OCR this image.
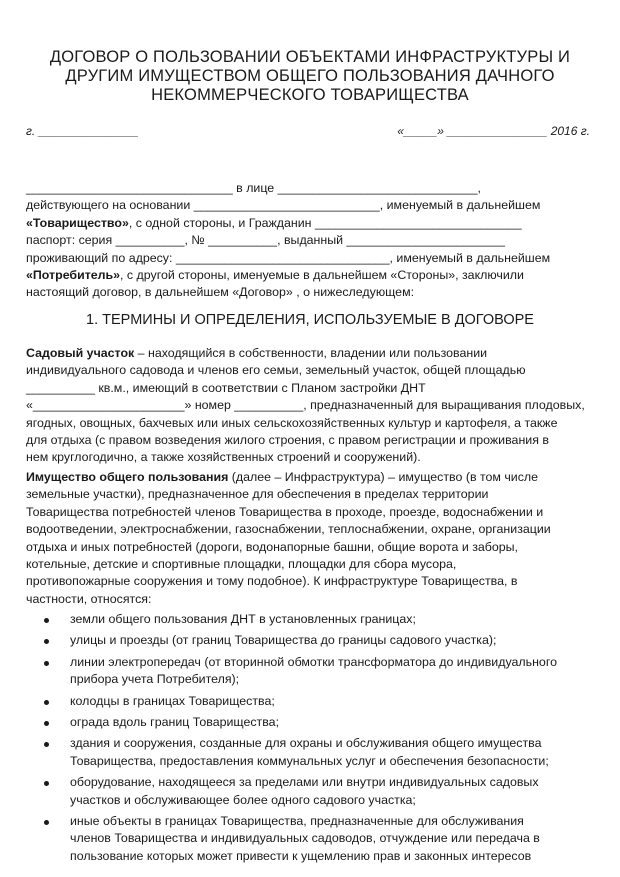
ДОГОВОР О ПОЛЬЗОВАНИИ ОБЪЕКТАМИ ИНФРАСТРУКТУРЫ И
ДРУГИМ ИМУЩЕСТВОМ ОБЩЕГО ПОЛЬЗОВАНИЯ ДАЧНОГО
НЕКОММЕРЧЕСКОГО ТОВАРИЩЕСТВА
г. _______________	«_____» _______________ 2016 г.
______________________________ в лице _____________________________,
действующего на основании ___________________________, именуемый в дальнейшем
«Товарищество», с одной стороны, и Гражданин ______________________________
паспорт: серия __________, № __________, выданный _______________________
проживающий по адресу: _______________________________, именуемый в дальнейшем
«Потребитель», с другой стороны, именуемые в дальнейшем «Стороны», заключили
настоящий договор, в дальнейшем «Договор» , о нижеследующем:
1. ТЕРМИНЫ И ОПРЕДЕЛЕНИЯ, ИСПОЛЬЗУЕМЫЕ В ДОГОВОРЕ
Садовый участок – находящийся в собственности, владении или пользовании
индивидуального садовода и членов его семьи, земельный участок, общей площадью
__________ кв.м., имеющий в соответствии с Планом застройки ДНТ
«______________________» номер __________, предназначенный для выращивания плодовых,
ягодных, овощных, бахчевых или иных сельскохозяйственных культур и картофеля, а также
для отдыха (с правом возведения жилого строения, с правом регистрации и проживания в
нем круглогодично, а также хозяйственных строений и сооружений).
Имущество общего пользования (далее – Инфраструктура) – имущество (в том числе
земельные участки), предназначенное для обеспечения в пределах территории
Товарищества потребностей членов Товарищества в проходе, проезде, водоснабжении и
водоотведении, электроснабжении, газоснабжении, теплоснабжении, охране, организации
отдыха и иных потребностей (дороги, водонапорные башни, общие ворота и заборы,
котельные, детские и спортивные площадки, площадки для сбора мусора,
противопожарные сооружения и тому подобное). К инфраструктуре Товарищества, в
частности, относятся:
земли общего пользования ДНТ в установленных границах;
улицы и проезды (от границ Товарищества до границы садового участка);
линии электропередач (от вторинной обмотки трансформатора до индивидуального
прибора учета Потребителя);
колодцы в границах Товарищества;
ограда вдоль границ Товарищества;
здания и сооружения, созданные для охраны и обслуживания общего имущества
Товарищества, предоставления коммунальных услуг и обеспечения безопасности;
оборудование, находящееся за пределами или внутри индивидуальных садовых
участков и обслуживающее более одного садового участка;
иные объекты в границах Товарищества, предназначенные для обслуживания
членов Товарищества и индивидуальных садоводов, отчуждение или передача в
пользование которых может привести к ущемлению прав и законных интересов
